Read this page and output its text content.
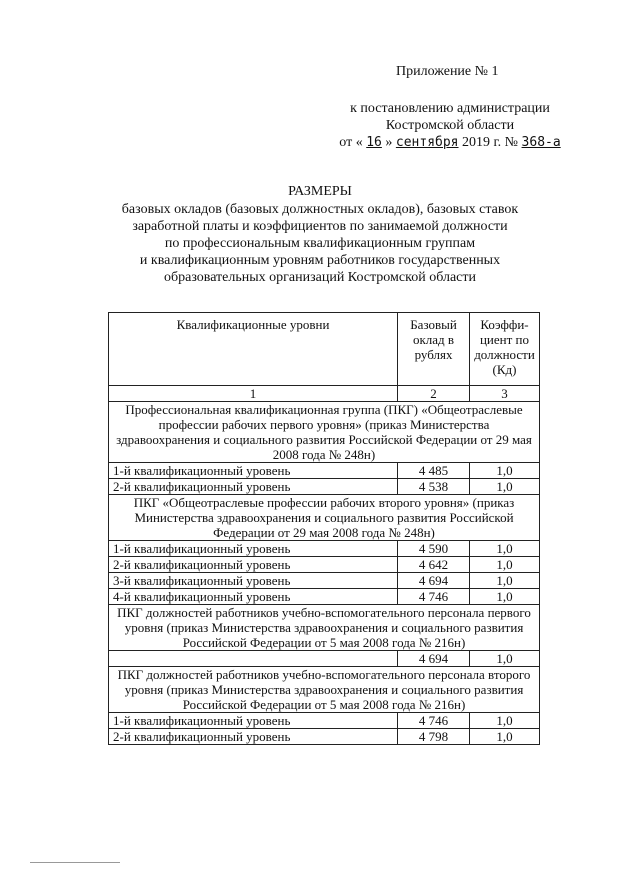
Приложение № 1
к постановлению администрации
Костромской области
от « 16 » сентября 2019 г. № 368-а
РАЗМЕРЫ
базовых окладов (базовых должностных окладов), базовых ставок
заработной платы и коэффициентов по занимаемой должности
по профессиональным квалификационным группам
и квалификационным уровням работников государственных
образовательных организаций Костромской области
Квалификационные уровни	Базовый оклад в рублях	Коэффи-циент по должности (Кд)
1	2	3
Профессиональная квалификационная группа (ПКГ) «Общеотраслевые профессии рабочих первого уровня» (приказ Министерства здравоохранения и социального развития Российской Федерации от 29 мая 2008 года № 248н)		
1-й квалификационный уровень	4 485	1,0
2-й квалификационный уровень	4 538	1,0
ПКГ «Общеотраслевые профессии рабочих второго уровня» (приказ Министерства здравоохранения и социального развития Российской Федерации от 29 мая 2008 года № 248н)		
1-й квалификационный уровень	4 590	1,0
2-й квалификационный уровень	4 642	1,0
3-й квалификационный уровень	4 694	1,0
4-й квалификационный уровень	4 746	1,0
ПКГ должностей работников учебно-вспомогательного персонала первого уровня (приказ Министерства здравоохранения и социального развития Российской Федерации от 5 мая 2008 года № 216н)		
	4 694	1,0
ПКГ должностей работников учебно-вспомогательного персонала второго уровня (приказ Министерства здравоохранения и социального развития Российской Федерации от 5 мая 2008 года № 216н)		
1-й квалификационный уровень	4 746	1,0
2-й квалификационный уровень	4 798	1,0
